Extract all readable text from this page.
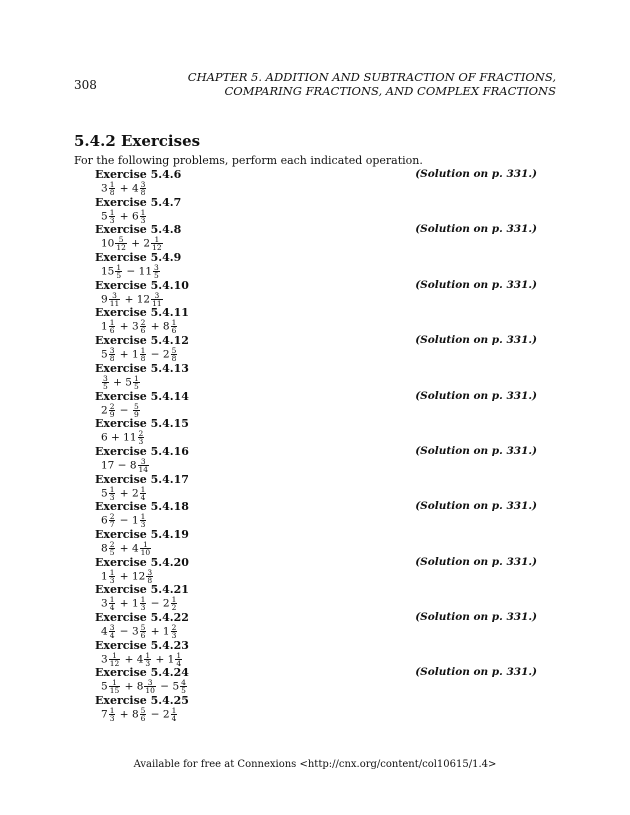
308
CHAPTER 5. ADDITION AND SUBTRACTION OF FRACTIONS,
COMPARING FRACTIONS, AND COMPLEX FRACTIONS
5.4.2 Exercises
For the following problems, perform each indicated operation.
Exercise 5.4.6	(Solution on p. 331.)
$3 \frac{1}{8} + 4 \frac{3}{8}$
Exercise 5.4.7
$5 \frac{1}{3} + 6 \frac{1}{3}$
Exercise 5.4.8	(Solution on p. 331.)
$10 \frac{5}{12} + 2 \frac{1}{12}$
Exercise 5.4.9
$15 \frac{1}{5} - 11 \frac{3}{5}$
Exercise 5.4.10	(Solution on p. 331.)
$9 \frac{3}{11} + 12 \frac{3}{11}$
Exercise 5.4.11
$1 \frac{1}{6} + 3 \frac{2}{6} + 8 \frac{1}{6}$
Exercise 5.4.12	(Solution on p. 331.)
$5 \frac{3}{8} + 1 \frac{1}{8} - 2 \frac{5}{8}$
Exercise 5.4.13
$\frac{3}{5} + 5 \frac{1}{5}$
Exercise 5.4.14	(Solution on p. 331.)
$2 \frac{2}{9} - \frac{5}{9}$
Exercise 5.4.15
$6 + 11 \frac{2}{3}$
Exercise 5.4.16	(Solution on p. 331.)
$17 - 8 \frac{3}{14}$
Exercise 5.4.17
$5 \frac{1}{3} + 2 \frac{1}{4}$
Exercise 5.4.18	(Solution on p. 331.)
$6 \frac{2}{7} - 1 \frac{1}{3}$
Exercise 5.4.19
$8 \frac{2}{5} + 4 \frac{1}{10}$
Exercise 5.4.20	(Solution on p. 331.)
$1 \frac{1}{3} + 12 \frac{3}{8}$
Exercise 5.4.21
$3 \frac{1}{4} + 1 \frac{1}{3} - 2 \frac{1}{2}$
Exercise 5.4.22	(Solution on p. 331.)
$4 \frac{3}{4} - 3 \frac{5}{6} + 1 \frac{2}{3}$
Exercise 5.4.23
$3 \frac{1}{12} + 4 \frac{1}{3} + 1 \frac{1}{4}$
Exercise 5.4.24	(Solution on p. 331.)
$5 \frac{1}{15} + 8 \frac{3}{10} - 5 \frac{4}{5}$
Exercise 5.4.25
$7 \frac{1}{3} + 8 \frac{5}{6} - 2 \frac{1}{4}$
Available for free at Connexions <http://cnx.org/content/col10615/1.4>
